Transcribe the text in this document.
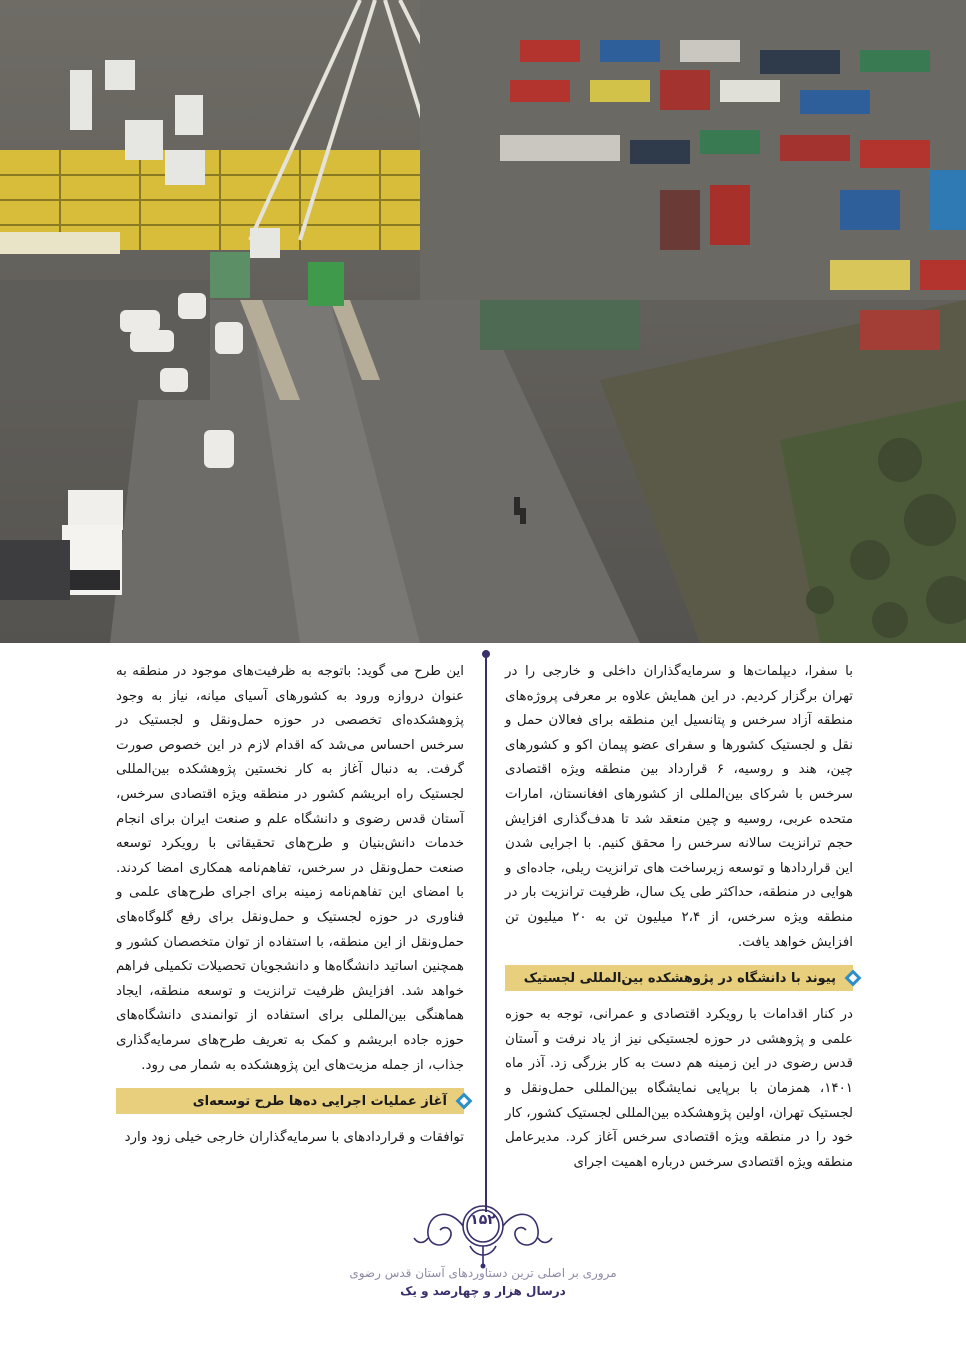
با سفرا، دیپلمات‌ها و سرمایه‌گذاران داخلی و خارجی را در تهران برگزار کردیم. در این همایش علاوه بر معرفی پروژه‌های منطقه آزاد سرخس و پتانسیل این منطقه برای فعالان حمل و نقل و لجستیک کشورها و سفرای عضو پیمان اکو و کشورهای چین، هند و روسیه، ۶ قرارداد بین منطقه ویژه اقتصادی سرخس با شرکای بین‌المللی از کشورهای افغانستان، امارات متحده عربی، روسیه و چین منعقد شد تا هدف‌گذاری افزایش حجم ترانزیت سالانه سرخس را محقق کنیم. با اجرایی شدن این قراردادها و توسعه زیرساخت های ترانزیت ریلی، جاده‌ای و هوایی در منطقه، حداکثر طی یک سال، ظرفیت ترانزیت بار در منطقه ویژه سرخس، از ۲،۴ میلیون تن به ۲۰ میلیون تن افزایش خواهد یافت.

پیوند با دانشگاه در پژوهشکده بین‌المللی لجستیک

در کنار اقدامات با رویکرد اقتصادی و عمرانی، توجه به حوزه علمی و پژوهشی در حوزه لجستیکی نیز از یاد نرفت و آستان قدس رضوی در این زمینه هم دست به کار بزرگی زد. آذر ماه ۱۴۰۱، همزمان با برپایی نمایشگاه بین‌المللی حمل‌ونقل و لجستیک تهران، اولین پژوهشکده بین‌المللی لجستیک کشور، کار خود را در منطقه ویژه اقتصادی سرخس آغاز کرد. مدیرعامل منطقه ویژه اقتصادی سرخس درباره اهمیت اجرای

این طرح می گوید: باتوجه به ظرفیت‌های موجود در منطقه به عنوان دروازه ورود به کشورهای آسیای میانه، نیاز به وجود پژوهشکده‌ای تخصصی در حوزه حمل‌ونقل و لجستیک در سرخس احساس می‌شد که اقدام لازم در این خصوص صورت گرفت. به دنبال آغاز به کار نخستین پژوهشکده بین‌المللی لجستیک راه ابریشم کشور در منطقه ویژه اقتصادی سرخس، آستان قدس رضوی و دانشگاه علم و صنعت ایران برای انجام خدمات دانش‌بنیان و طرح‌های تحقیقاتی با رویکرد توسعه صنعت حمل‌ونقل در سرخس، تفاهم‌نامه همکاری امضا کردند. با امضای این تفاهم‌نامه زمینه برای اجرای طرح‌های علمی و فناوری در حوزه لجستیک و حمل‌ونقل برای رفع گلوگاه‌های حمل‌ونقل از این منطقه، با استفاده از توان متخصصان کشور و همچنین اساتید دانشگاه‌ها و دانشجویان تحصیلات تکمیلی فراهم خواهد شد. افزایش ظرفیت ترانزیت و توسعه منطقه، ایجاد هماهنگی بین‌المللی برای استفاده از توانمندی دانشگاه‌های حوزه جاده ابریشم و کمک به تعریف طرح‌های سرمایه‌گذاری جذاب، از جمله مزیت‌های این پژوهشکده به شمار می رود.

آغاز عملیات اجرایی ده‌ها طرح توسعه‌ای

توافقات و قراردادهای با سرمایه‌گذاران خارجی خیلی زود وارد

۱۵۲
مروری بر اصلی ترین دستاوردهای آستان قدس رضوی
درسال هزار و چهارصد و یک
